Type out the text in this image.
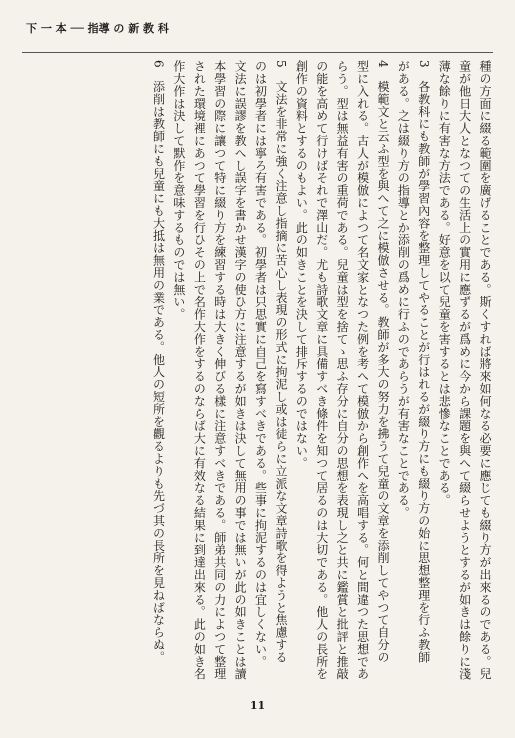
下 一 本 ── 指導 の 新 教 科

種の方面に綴る範圍を廣げることである。斯くすれば將來如何なる必要に應じても綴り方が出來るのである。兒

童が他日大人となつての生活上の實用に應ずるが爲めに今から課題を與へて綴らせようとするが如きは餘りに淺

薄な餘りに有害な方法である。好意を以て兒童を害するとは悲慘なことである。

3　各教科にも教師が學習內容を整理してやることが行はれるが綴り方にも綴り方の始に思想整理を行ふ教師

がある。之は綴り方の指導とか添削の爲めに行ふのであらうが有害なことである。

4　模範文と云ふ型を與へて之に模倣させる。教師が多大の努力を拂うて兒童の文章を添削してやつて自分の

型に入れる。古人が模倣によつて名文家となつた例を考へて模倣から創作へを高唱する。何と間違つた思想であ

らう。型は無益有害の重荷である。兒童は型を捨てゝ思ふ存分に自分の思想を表現し之と共に鑑賞と批評と推敲

の能を高めて行けばそれで澤山だ。尤も詩歌文章に具備すべき條件を知つて居るのは大切である。他人の長所を

創作の資料とするのもよい。此の如きことを決して排斥するのではない。

5　文法を非常に強く注意し指摘に苦心し表現の形式に拘泥し或は徒らに立派な文章詩歌を得ようと焦慮する

のは初學者には寧ろ有害である。初學者は只思實に自己を寫すべきである。些事に拘泥するのは宜しくない。

文法に誤謬を教へし誤字を書かせ漢字の使ひ方に注意するが如きは決して無用の事では無いが此の如きことは讀

本學習の際に讓つて特に綴り方を練習する時は大きく伸びる樣に注意すべきである。師弟共同の力によつて整理

された環境裡にあつて學習を行ひその上で名作大作をするのならば大に有效なる結果に到達出來る。此の如き名

作大作は決して默作を意味するものでは無い。

6　添削は教師にも兒童にも大抵は無用の業である。他人の短所を觀るよりも先づ其の長所を見ねばならぬ。

11
